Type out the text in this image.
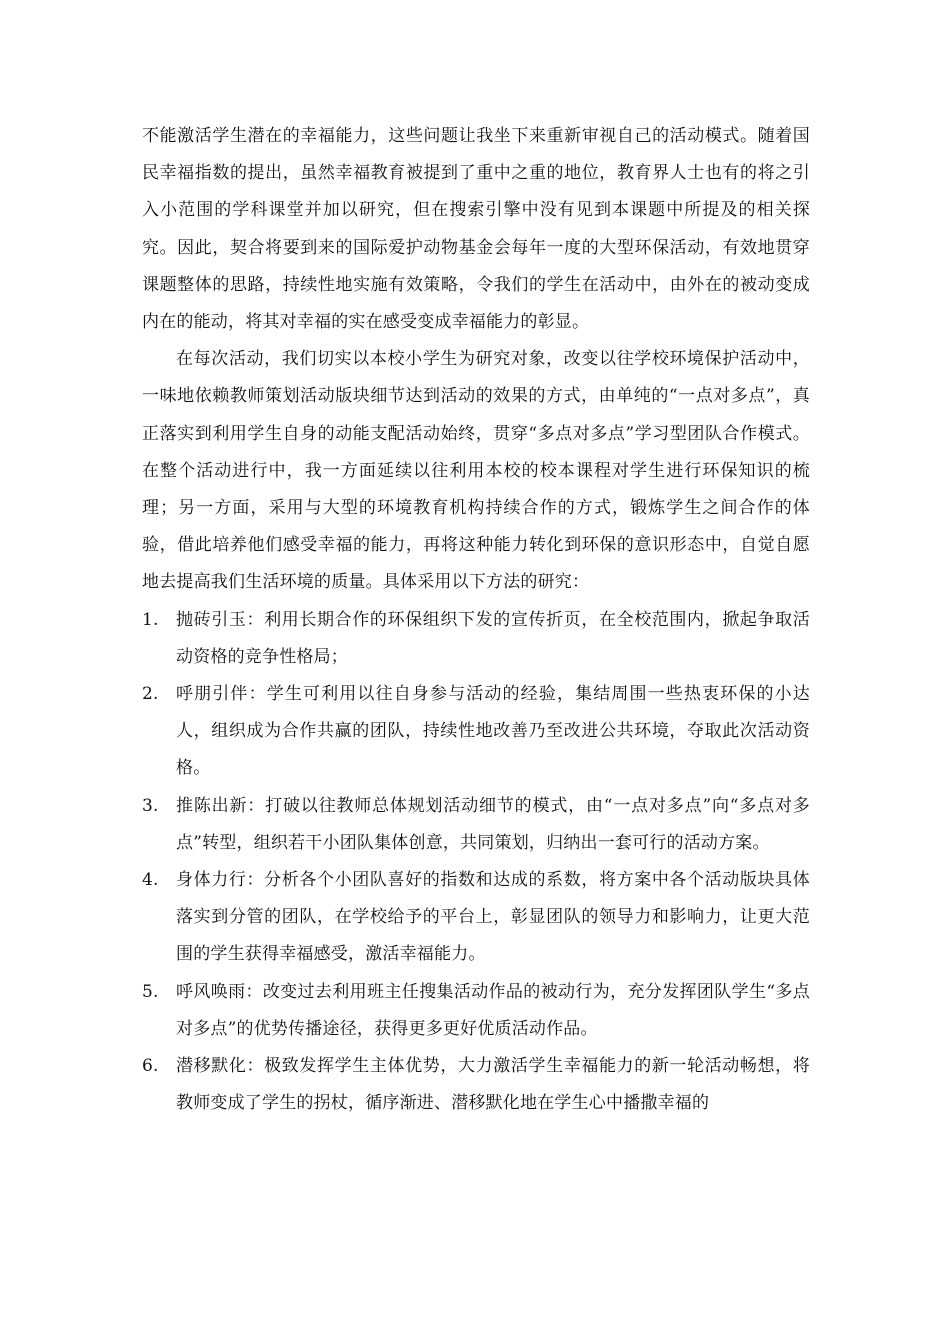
不能激活学生潜在的幸福能力，这些问题让我坐下来重新审视自己的活动模式。随着国民幸福指数的提出，虽然幸福教育被提到了重中之重的地位，教育界人士也有的将之引入小范围的学科课堂并加以研究，但在搜索引擎中没有见到本课题中所提及的相关探究。因此，契合将要到来的国际爱护动物基金会每年一度的大型环保活动，有效地贯穿课题整体的思路，持续性地实施有效策略，令我们的学生在活动中，由外在的被动变成内在的能动，将其对幸福的实在感受变成幸福能力的彰显。

在每次活动，我们切实以本校小学生为研究对象，改变以往学校环境保护活动中，一味地依赖教师策划活动版块细节达到活动的效果的方式，由单纯的“一点对多点”，真正落实到利用学生自身的动能支配活动始终，贯穿“多点对多点”学习型团队合作模式。在整个活动进行中，我一方面延续以往利用本校的校本课程对学生进行环保知识的梳理；另一方面，采用与大型的环境教育机构持续合作的方式，锻炼学生之间合作的体验，借此培养他们感受幸福的能力，再将这种能力转化到环保的意识形态中，自觉自愿地去提高我们生活环境的质量。具体采用以下方法的研究：

1. 抛砖引玉：利用长期合作的环保组织下发的宣传折页，在全校范围内，掀起争取活动资格的竞争性格局；
2. 呼朋引伴：学生可利用以往自身参与活动的经验，集结周围一些热衷环保的小达人，组织成为合作共赢的团队，持续性地改善乃至改进公共环境，夺取此次活动资格。
3. 推陈出新：打破以往教师总体规划活动细节的模式，由“一点对多点”向“多点对多点”转型，组织若干小团队集体创意，共同策划，归纳出一套可行的活动方案。
4. 身体力行：分析各个小团队喜好的指数和达成的系数，将方案中各个活动版块具体落实到分管的团队，在学校给予的平台上，彰显团队的领导力和影响力，让更大范围的学生获得幸福感受，激活幸福能力。
5. 呼风唤雨：改变过去利用班主任搜集活动作品的被动行为，充分发挥团队学生“多点对多点”的优势传播途径，获得更多更好优质活动作品。
6. 潜移默化：极致发挥学生主体优势，大力激活学生幸福能力的新一轮活动畅想，将教师变成了学生的拐杖，循序渐进、潜移默化地在学生心中播撒幸福的
